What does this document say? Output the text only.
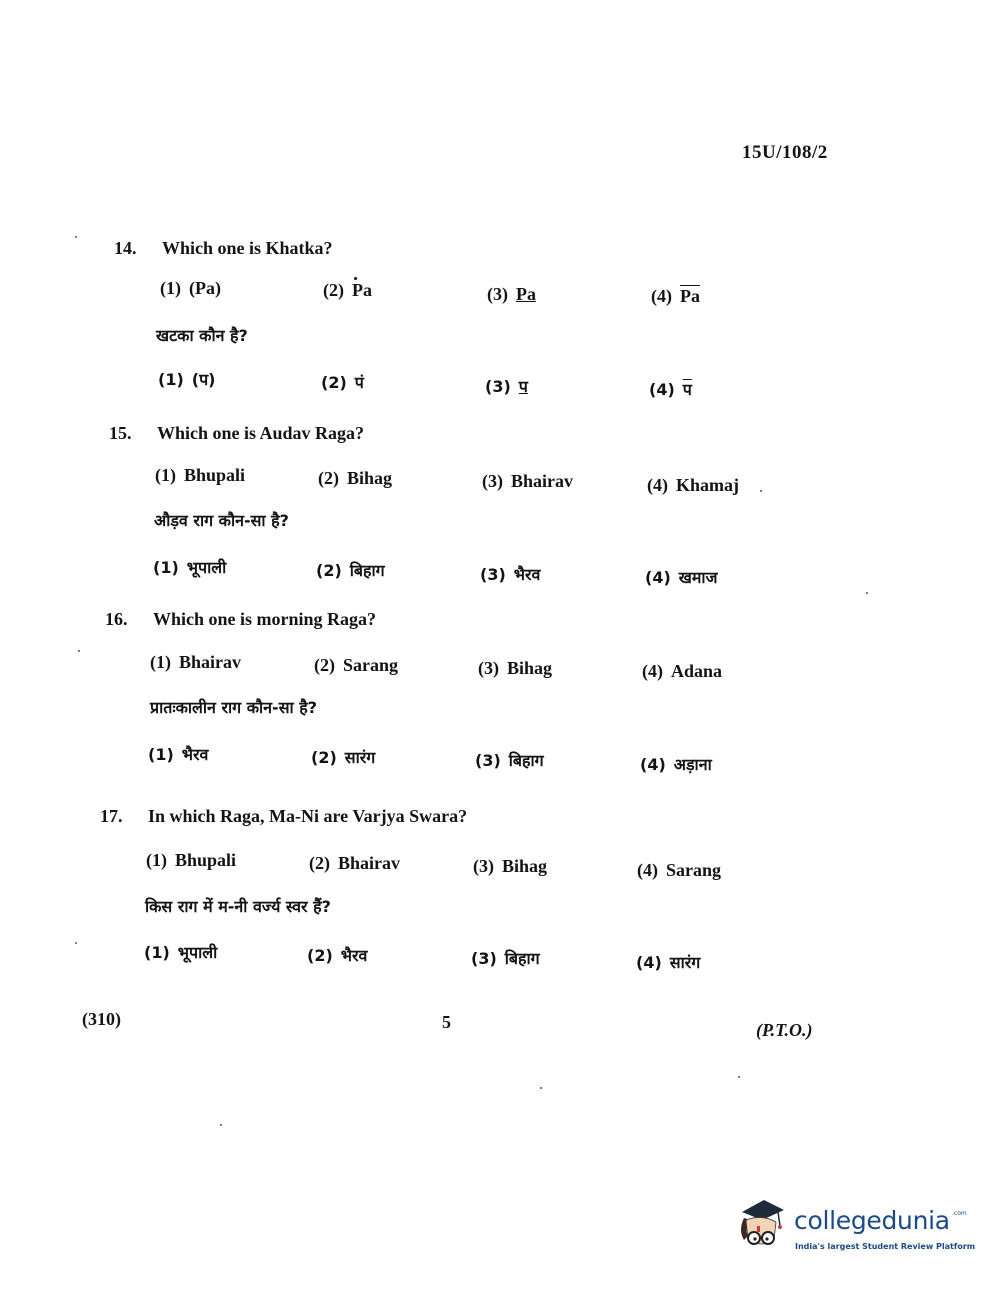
15U/108/2
14. Which one is Khatka?
(1) (Pa)	(2) Pa	(3) Pa	(4) $\overline{Pa}$
खटका कौन है?
(1) (प)	(2) पं	(3) प	(4) प
15. Which one is Audav Raga?
(1) Bhupali	(2) Bihag	(3) Bhairav	(4) Khamaj
औड़व राग कौन-सा है?
(1) भूपाली	(2) बिहाग	(3) भैरव	(4) खमाज
16. Which one is morning Raga?
(1) Bhairav	(2) Sarang	(3) Bihag	(4) Adana
प्रातःकालीन राग कौन-सा है?
(1) भैरव	(2) सारंग	(3) बिहाग	(4) अड़ाना
17. In which Raga, Ma-Ni are Varjya Swara?
(1) Bhupali	(2) Bhairav	(3) Bihag	(4) Sarang
किस राग में म-नी वर्ज्य स्वर हैं?
(1) भूपाली	(2) भैरव	(3) बिहाग	(4) सारंग
(310)	5	(P.T.O.)
collegedunia .com
India's largest Student Review Platform
